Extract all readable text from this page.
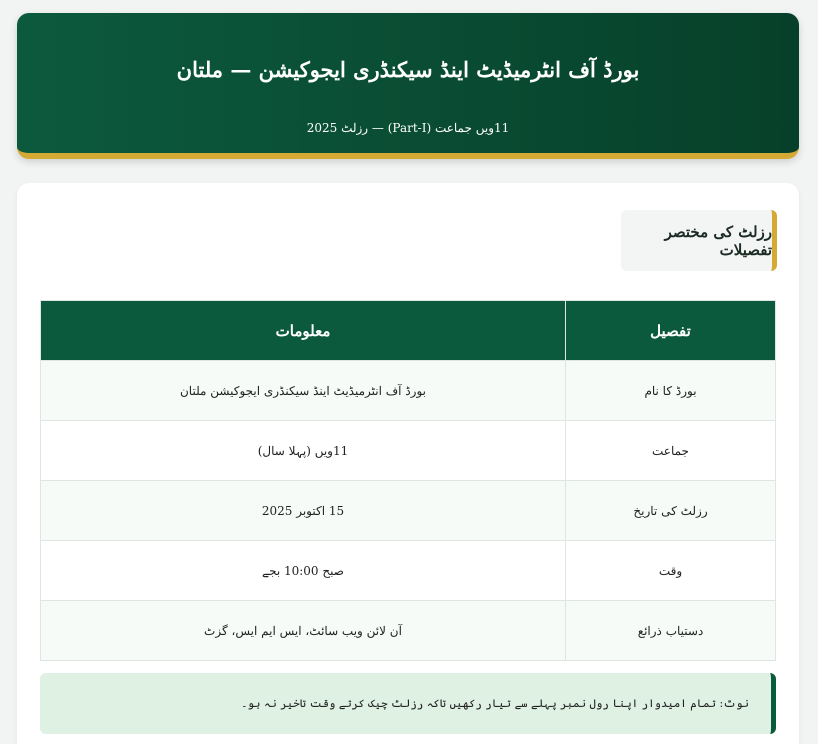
بورڈ آف انٹرمیڈیٹ اینڈ سیکنڈری ایجوکیشن — ملتان
11ویں جماعت (Part-I) — رزلٹ 2025
رزلٹ کی مختصر تفصیلات
تفصیل	معلومات
بورڈ کا نام	بورڈ آف انٹرمیڈیٹ اینڈ سیکنڈری ایجوکیشن ملتان
جماعت	11ویں (پہلا سال)
رزلٹ کی تاریخ	15 اکتوبر 2025
وقت	صبح 10:00 بجے
دستیاب ذرائع	آن لائن ویب سائٹ، ایس ایم ایس، گزٹ
نوٹ: تمام امیدوار اپنا رول نمبر پہلے سے تیار رکھیں تاکہ رزلٹ چیک کرتے وقت تاخیر نہ ہو۔
